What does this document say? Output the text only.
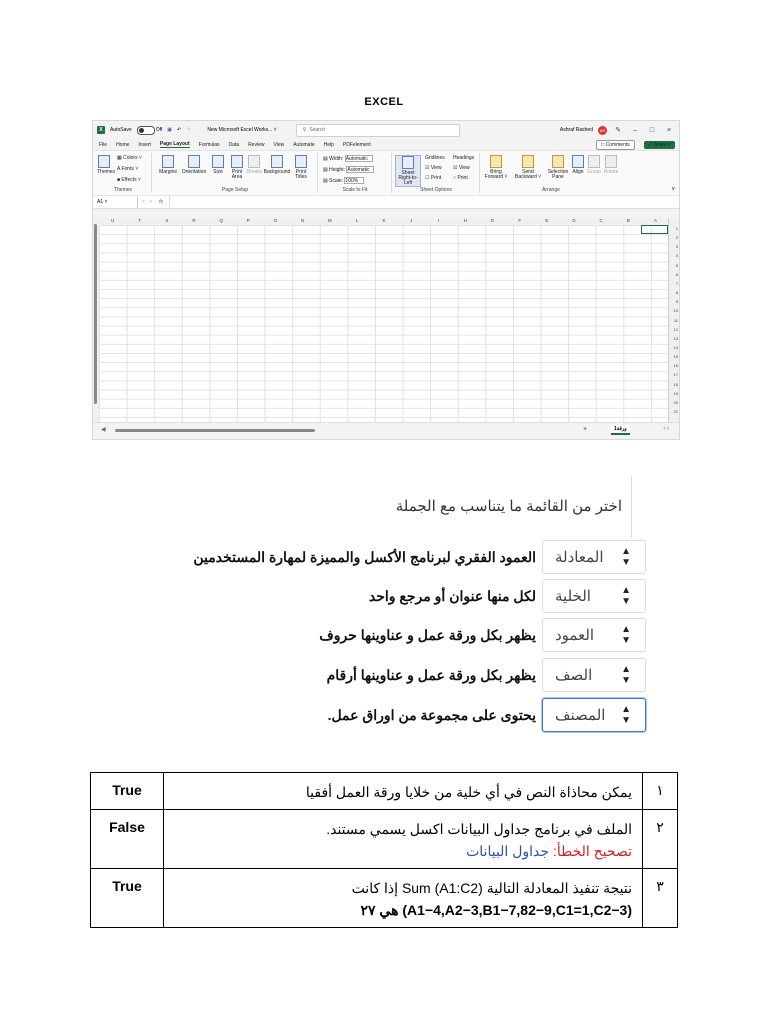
EXCEL
X	AutoSave	Off ▣ ↶ ↷	New Microsoft Excel Works... ˅	⚲ Search	Ashraf Rashed	AR	✎	–	□	×
File Home Insert Page Layout Formulas Data Review View Automate Help PDFelement	□ Comments	↗ Share ˅
Themes
▦ Colors ˅
A Fonts ˅
■ Effects ˅
Themes
Margins Orientation	Size	Print Area
Breaks Background	Print Titles
Page Setup
▤ Width: Automatic
▤ Height: Automatic
▤ Scale: 100%
Scale to Fit
Sheet Right-to-Left
Gridlines Headings
☑ View ☑ View
☐ Print ○ Print
Sheet Options
Bring Forward ˅
Send Backward ˅
Selection Pane
Align Group Rotate
Arrange	˅
A1 ˅	× ✓	fx
U	T	S	R	Q	P	O	N	M	L	K	J	I	H	G	F	E	D	C	B	A
1
2
3
4
5
6
7
8
9
10
11
12
13
14
15
16
17
18
19
20
21
◀	+	ورقة1	‹ ›
اختر من القائمة ما يتناسب مع الجملة
المعادلة ▲
▼
العمود الفقري لبرنامج الأكسل والمميزة لمهارة المستخدمين
الخلية	▲
▼
لكل منها عنوان أو مرجع واحد
العمود	▲
▼
يظهر بكل ورقة عمل و عناوينها حروف
الصف	▲
▼
يظهر بكل ورقة عمل و عناوينها أرقام
المصنف ▲
▼
يحتوى على مجموعة من اوراق عمل.
True	يمكن محاذاة النص في أي خلية من خلايا ورقة العمل أفقيا	١
False	الملف في برنامج جداول البيانات اكسل يسمي مستند.
تصحيح الخطأ: جداول البيانات	٢
True	نتيجة تنفيذ المعادلة التالية Sum (A1:C2) إذا كانت
(A1−4,A2−3,B1−7,82−9,C1=1,C2−3) هي ٢٧	٣
